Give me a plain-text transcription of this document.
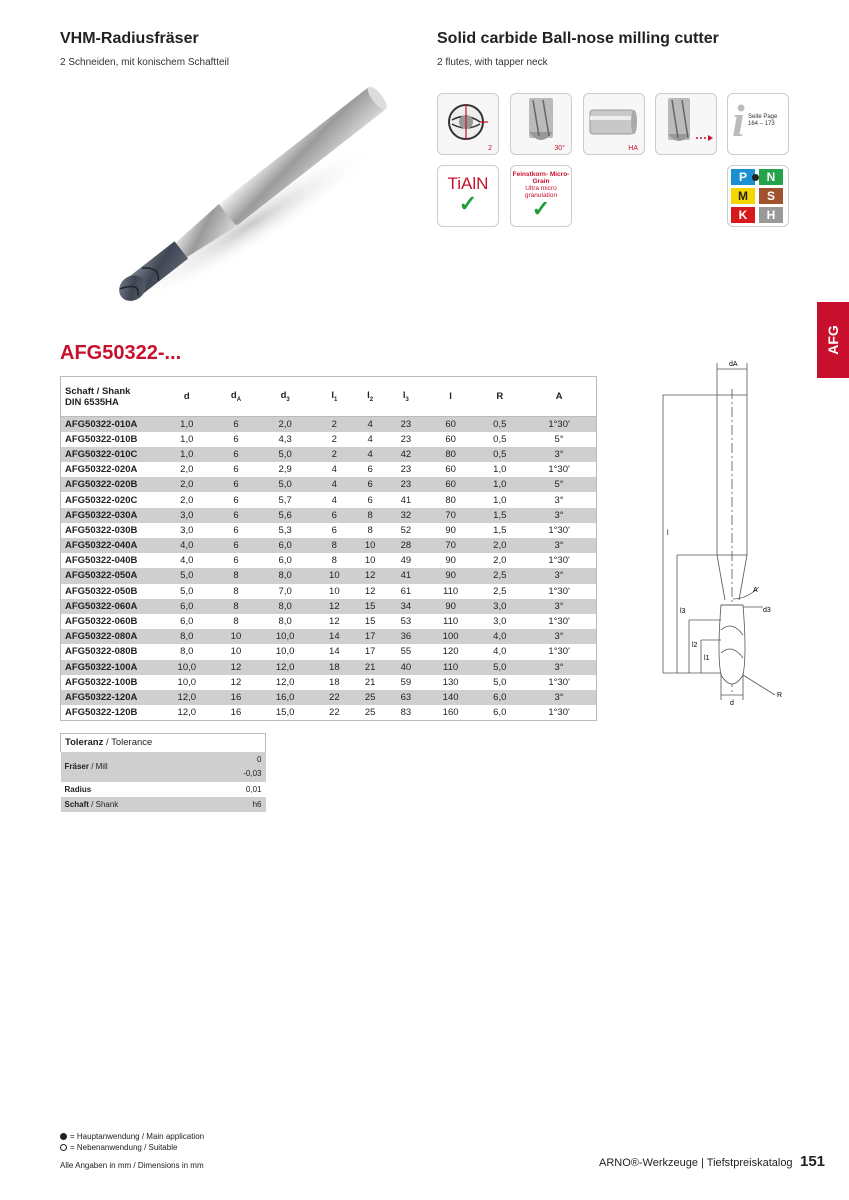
VHM-Radiusfräser
2 Schneiden, mit konischem Schaftteil
Solid carbide Ball-nose milling cutter
2 flutes, with tapper neck
2	30°	HA
i Seite Page
164 – 173
TiAlN
✓
Feinstkorn- Micro-Grain
Ultra micro granulation
✓
P	N
M	S
K	H
AFG
AFG50322-...
Schaft / Shank
DIN 6535HA	d	$d_A$	$d_3$	$l_1$	$l_2$	$l_3$	l	R	A
AFG50322-010A	1,0	6	2,0	2	4	23	60	0,5	1°30'
AFG50322-010B	1,0	6	4,3	2	4	23	60	0,5	5°
AFG50322-010C	1,0	6	5,0	2	4	42	80	0,5	3°
AFG50322-020A	2,0	6	2,9	4	6	23	60	1,0	1°30'
AFG50322-020B	2,0	6	5,0	4	6	23	60	1,0	5°
AFG50322-020C	2,0	6	5,7	4	6	41	80	1,0	3°
AFG50322-030A	3,0	6	5,6	6	8	32	70	1,5	3°
AFG50322-030B	3,0	6	5,3	6	8	52	90	1,5	1°30'
AFG50322-040A	4,0	6	6,0	8	10	28	70	2,0	3°
AFG50322-040B	4,0	6	6,0	8	10	49	90	2,0	1°30'
AFG50322-050A	5,0	8	8,0	10	12	41	90	2,5	3°
AFG50322-050B	5,0	8	7,0	10	12	61	110	2,5	1°30'
AFG50322-060A	6,0	8	8,0	12	15	34	90	3,0	3°
AFG50322-060B	6,0	8	8,0	12	15	53	110	3,0	1°30'
AFG50322-080A	8,0	10	10,0	14	17	36	100	4,0	3°
AFG50322-080B	8,0	10	10,0	14	17	55	120	4,0	1°30'
AFG50322-100A	10,0	12	12,0	18	21	40	110	5,0	3°
AFG50322-100B	10,0	12	12,0	18	21	59	130	5,0	1°30'
AFG50322-120A	12,0	16	16,0	22	25	63	140	6,0	3°
AFG50322-120B	12,0	16	15,0	22	25	83	160	6,0	1°30'
Toleranz / Tolerance	
Fräser / Mill	0
-0,03

Radius	0,01
Schaft / Shank	h6
dA
A
d3
d
R
l
l3
l2
l1
= Hauptanwendung / Main application
= Nebenanwendung / Suitable
Alle Angaben in mm / Dimensions in mm	ARNO®-Werkzeuge | Tiefstpreiskatalog 151
